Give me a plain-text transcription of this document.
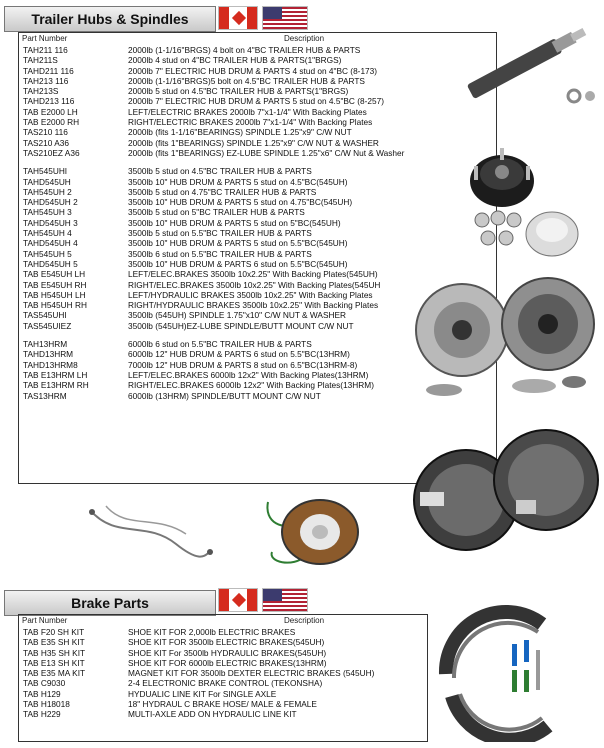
Trailer Hubs & Spindles
Part Number	Description
TAH211 116	2000lb (1-1/16"BRGS) 4 bolt on 4"BC TRAILER HUB & PARTS
TAH211S	2000lb 4 stud on 4"BC TRAILER HUB & PARTS(1"BRGS)
TAHD211 116	2000lb 7" ELECTRIC HUB DRUM & PARTS 4 stud on 4"BC (8-173)
TAH213 116	2000lb (1-1/16"BRGS)5 bolt on 4.5"BC TRAILER HUB & PARTS
TAH213S	2000lb 5 stud on 4.5"BC TRAILER HUB & PARTS(1"BRGS)
TAHD213 116	2000lb 7" ELECTRIC HUB DRUM & PARTS 5 stud on 4.5"BC (8-257)
TAB E2000 LH	LEFT/ELECTRIC BRAKES 2000lb 7"x1-1/4" With Backing Plates
TAB E2000 RH	RIGHT/ELECTRIC BRAKES 2000lb 7"x1-1/4" With Backing Plates
TAS210 116	2000lb (fits 1-1/16"BEARINGS) SPINDLE 1.25"x9" C/W NUT
TAS210 A36	2000lb (fits 1"BEARINGS) SPINDLE 1.25"x9" C/W NUT & WASHER
TAS210EZ A36	2000lb (fits 1"BEARINGS) EZ-LUBE SPINDLE 1.25"x6" C/W Nut & Washer
TAH545UHI	3500lb 5 stud on 4.5"BC TRAILER HUB & PARTS
TAHD545UH	3500lb 10" HUB DRUM & PARTS 5 stud on 4.5"BC(545UH)
TAH545UH 2	3500lb 5 stud on 4.75"BC TRAILER HUB & PARTS
TAHD545UH 2	3500lb 10" HUB DRUM & PARTS 5 stud on 4.75"BC(545UH)
TAH545UH 3	3500lb 5 stud on 5"BC TRAILER HUB & PARTS
TAHD545UH 3	3500lb 10" HUB DRUM & PARTS 5 stud on 5"BC(545UH)
TAH545UH 4	3500lb 5 stud on 5.5"BC TRAILER HUB & PARTS
TAHD545UH 4	3500lb 10" HUB DRUM & PARTS 5 stud on 5.5"BC(545UH)
TAH545UH 5	3500lb 6 stud on 5.5"BC TRAILER HUB & PARTS
TAHD545UH 5	3500lb 10" HUB DRUM & PARTS 6 stud on 5.5"BC(545UH)
TAB E545UH LH	LEFT/ELEC.BRAKES 3500lb 10x2.25" With Backing Plates(545UH)
TAB E545UH RH	RIGHT/ELEC.BRAKES 3500lb 10x2.25" With Backing Plates(545UH
TAB H545UH LH	LEFT/HYDRAULIC BRAKES 3500lb 10x2.25" With Backing Plates
TAB H545UH RH	RIGHT/HYDRAULIC BRAKES 3500lb 10x2.25" With Backing Plates
TAS545UHI	3500lb (545UH) SPINDLE 1.75"x10" C/W NUT & WASHER
TAS545UIEZ	3500lb (545UH)EZ-LUBE SPINDLE/BUTT MOUNT C/W NUT
TAH13HRM	6000lb 6 stud on 5.5"BC TRAILER HUB & PARTS
TAHD13HRM	6000lb 12" HUB DRUM & PARTS 6 stud on 5.5"BC(13HRM)
TAHD13HRM8	7000lb 12" HUB DRUM & PARTS 8 stud on 6.5"BC(13HRM-8)
TAB E13HRM LH	LEFT/ELEC.BRAKES 6000lb 12x2" With Backing Plates(13HRM)
TAB E13HRM RH	RIGHT/ELEC.BRAKES 6000lb 12x2" With Backing Plates(13HRM)
TAS13HRM	6000lb (13HRM) SPINDLE/BUTT MOUNT C/W NUT
Brake Parts
Part Number	Description
TAB F20 SH KIT	SHOE KIT FOR 2,000lb ELECTRIC BRAKES
TAB E35 SH KIT	SHOE KIT FOR 3500lb ELECTRIC BRAKES(545UH)
TAB H35 SH KIT	SHOE KIT For 3500lb HYDRAULIC BRAKES(545UH)
TAB E13 SH KIT	SHOE KIT FOR 6000lb ELECTRIC BRAKES(13HRM)
TAB E35 MA KIT	MAGNET KIT FOR 3500lb DEXTER ELECTRIC BRAKES (545UH)
TAB C9030	2-4 ELECTRONIC BRAKE CONTROL (TEKONSHA)
TAB H129	HYDUALIC LINE KIT For SINGLE AXLE
TAB H18018	18" HYDRAUL C BRAKE HOSE/ MALE & FEMALE
TAB H229	MULTI-AXLE ADD ON HYDRAULIC LINE KIT
